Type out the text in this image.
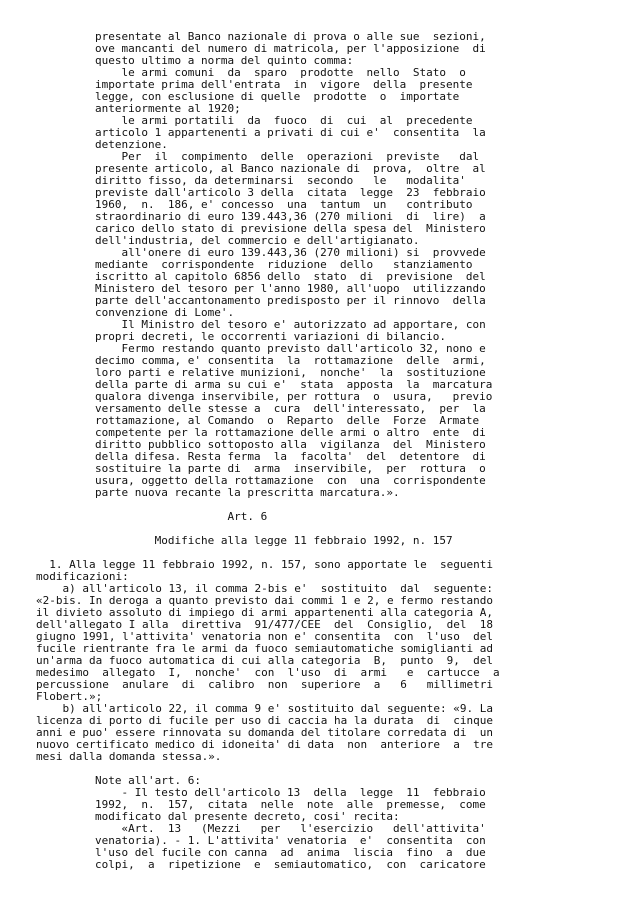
presentate al Banco nazionale di prova o alle sue  sezioni,

ove mancanti del numero di matricola, per l'apposizione  di

questo ultimo a norma del quinto comma:

le armi comuni  da  sparo  prodotte  nello  Stato  o

importate prima dell'entrata  in  vigore  della  presente

legge, con esclusione di quelle  prodotte  o  importate

anteriormente al 1920;

le armi portatili  da  fuoco  di  cui  al  precedente

articolo 1 appartenenti a privati di cui e'  consentita  la

detenzione.

Per  il  compimento  delle  operazioni  previste   dal

presente articolo, al Banco nazionale di  prova,  oltre  al

diritto fisso, da determinarsi  secondo   le   modalita'

previste dall'articolo 3 della  citata  legge  23  febbraio

1960,  n.  186, e' concesso  una  tantum  un   contributo

straordinario di euro 139.443,36 (270 milioni  di  lire)  a

carico dello stato di previsione della spesa del  Ministero

dell'industria, del commercio e dell'artigianato.

all'onere di euro 139.443,36 (270 milioni) si  provvede

mediante  corrispondente  riduzione  dello   stanziamento

iscritto al capitolo 6856 dello  stato  di  previsione  del

Ministero del tesoro per l'anno 1980, all'uopo  utilizzando

parte dell'accantonamento predisposto per il rinnovo  della

convenzione di Lome'.

Il Ministro del tesoro e' autorizzato ad apportare, con

propri decreti, le occorrenti variazioni di bilancio.

Fermo restando quanto previsto dall'articolo 32, nono e

decimo comma, e' consentita  la  rottamazione  delle  armi,

loro parti e relative munizioni,  nonche'  la  sostituzione

della parte di arma su cui e'  stata  apposta  la  marcatura

qualora divenga inservibile, per rottura  o  usura,   previo

versamento delle stesse a  cura  dell'interessato,  per  la

rottamazione, al Comando  o  Reparto  delle  Forze  Armate

competente per la rottamazione delle armi o altro  ente  di

diritto pubblico sottoposto alla  vigilanza  del  Ministero

della difesa. Resta ferma  la  facolta'  del  detentore  di

sostituire la parte di  arma  inservibile,  per  rottura  o

usura, oggetto della rottamazione  con  una  corrispondente

parte nuova recante la prescritta marcatura.».

Art. 6

Modifiche alla legge 11 febbraio 1992, n. 157

1. Alla legge 11 febbraio 1992, n. 157, sono apportate le  seguenti

modificazioni:

a) all'articolo 13, il comma 2-bis e'  sostituito  dal  seguente:

«2-bis. In deroga a quanto previsto dai commi 1 e 2, e fermo restando

il divieto assoluto di impiego di armi appartenenti alla categoria A,

dell'allegato I alla  direttiva  91/477/CEE  del  Consiglio,  del  18

giugno 1991, l'attivita' venatoria non e' consentita  con  l'uso  del

fucile rientrante fra le armi da fuoco semiautomatiche somiglianti ad

un'arma da fuoco automatica di cui alla categoria  B,  punto  9,  del

medesimo  allegato  I,  nonche'  con  l'uso  di  armi   e  cartucce  a

percussione  anulare  di  calibro  non  superiore  a   6   millimetri

Flobert.»;

b) all'articolo 22, il comma 9 e' sostituito dal seguente: «9. La

licenza di porto di fucile per uso di caccia ha la durata  di  cinque

anni e puo' essere rinnovata su domanda del titolare corredata di  un

nuovo certificato medico di idoneita' di data  non  anteriore  a  tre

mesi dalla domanda stessa.».

Note all'art. 6:

- Il testo dell'articolo 13  della  legge  11  febbraio

1992,  n.  157,  citata  nelle  note  alle  premesse,  come

modificato dal presente decreto, cosi' recita:

«Art.  13   (Mezzi   per   l'esercizio   dell'attivita'

venatoria). - 1. L'attivita' venatoria  e'  consentita  con

l'uso del fucile con canna  ad  anima  liscia  fino  a  due

colpi,  a  ripetizione  e  semiautomatico,  con  caricatore
